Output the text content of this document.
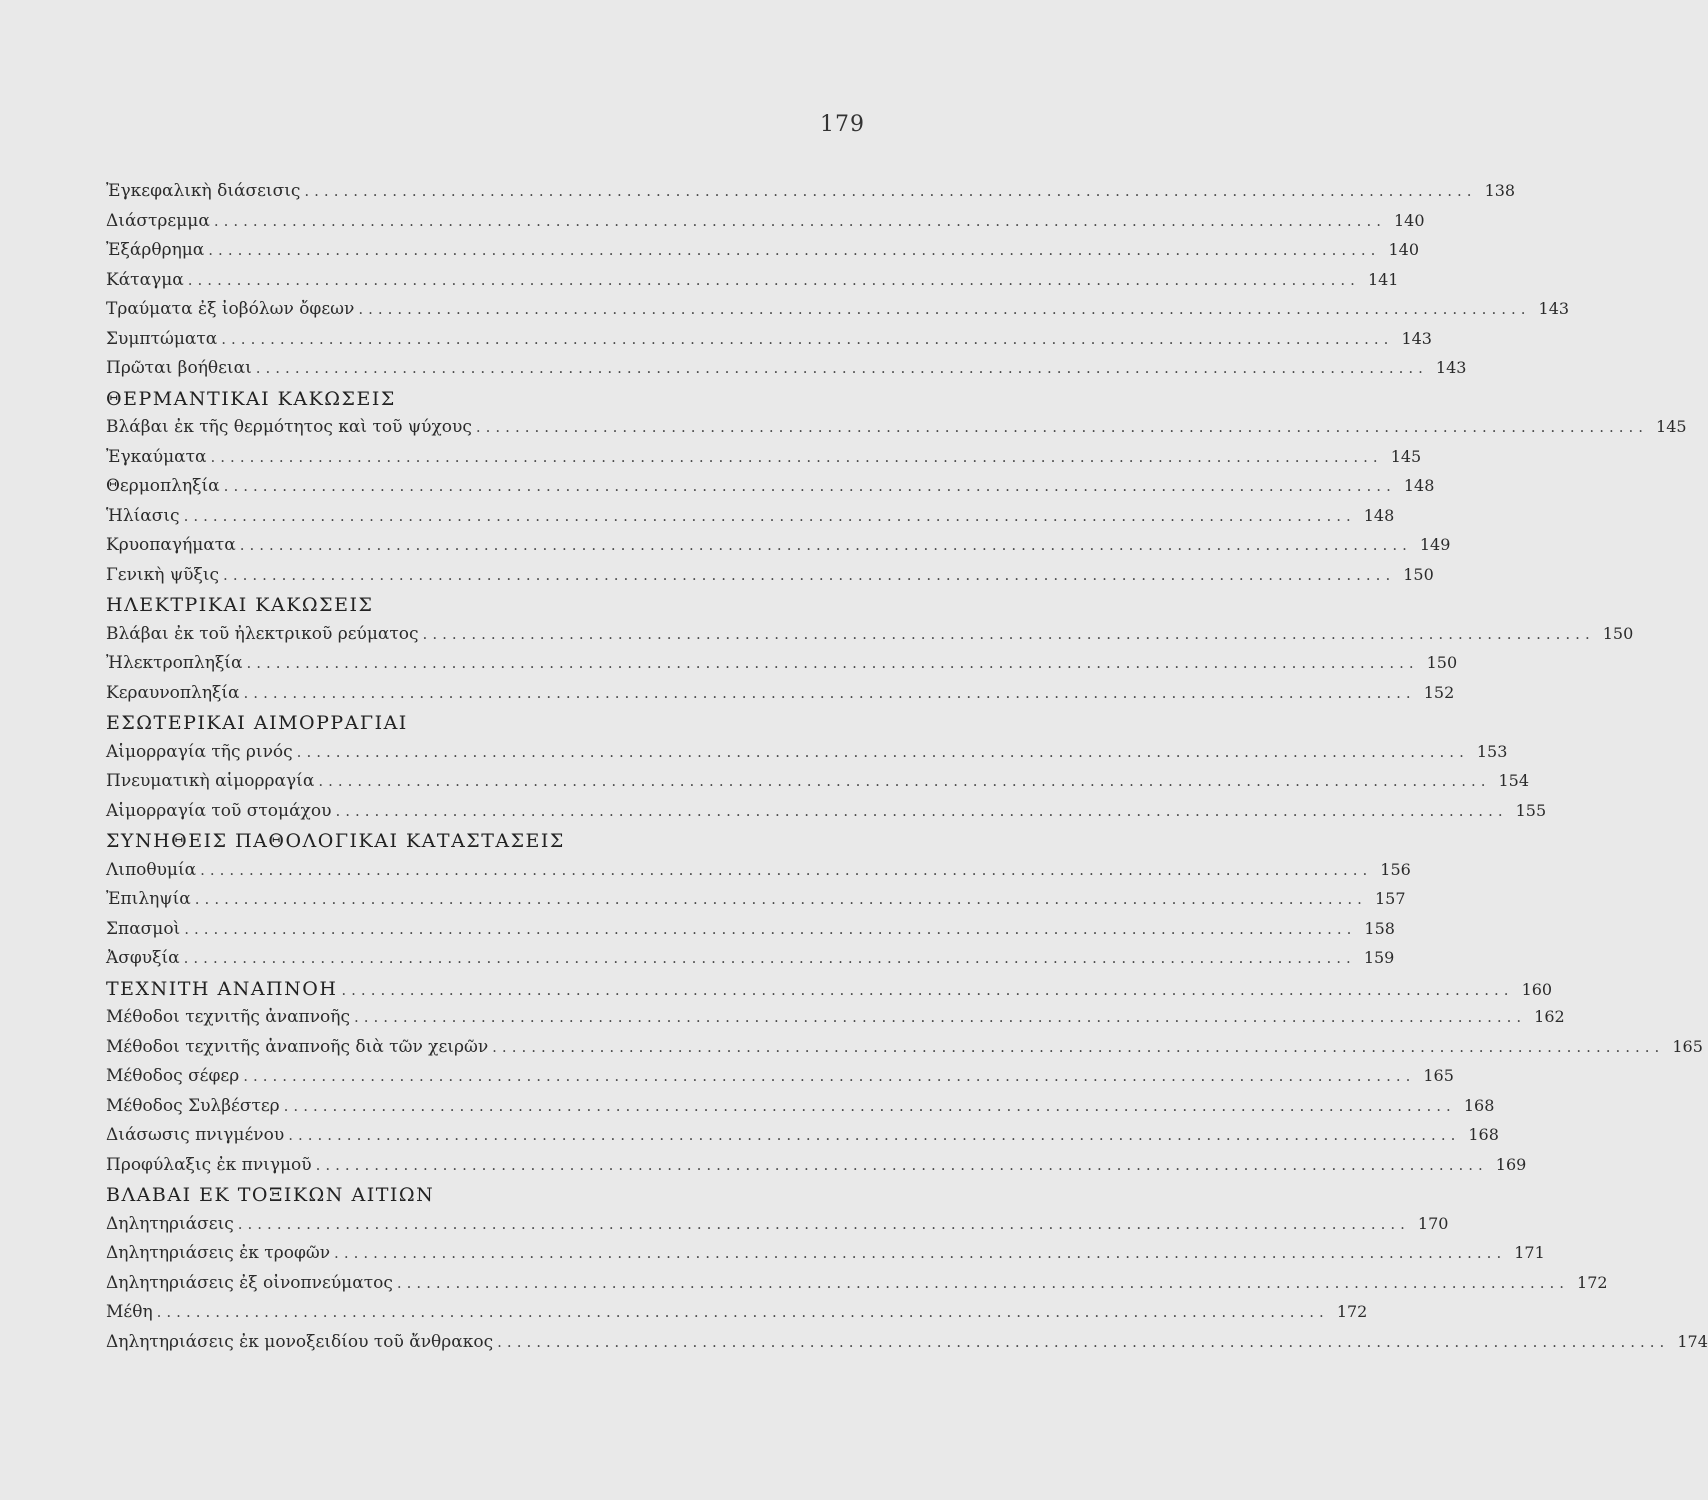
179
Ἐγκεφαλικὴ διάσεισις ........................................................................................................................ 138
Διάστρεμμα ........................................................................................................................ 140
Ἐξάρθρημα ........................................................................................................................ 140
Κάταγμα ........................................................................................................................ 141
Τραύματα ἐξ ἰοβόλων ὄφεων ........................................................................................................................ 143
Συμπτώματα ........................................................................................................................ 143
Πρῶται βοήθειαι ........................................................................................................................ 143
ΘΕΡΜΑΝΤΙΚΑΙ ΚΑΚΩΣΕΙΣ
Βλάβαι ἐκ τῆς θερμότητος καὶ τοῦ ψύχους ........................................................................................................................ 145
Ἐγκαύματα ........................................................................................................................ 145
Θερμοπληξία ........................................................................................................................ 148
Ἡλίασις ........................................................................................................................ 148
Κρυοπαγήματα ........................................................................................................................ 149
Γενικὴ ψῦξις ........................................................................................................................ 150
ΗΛΕΚΤΡΙΚΑΙ ΚΑΚΩΣΕΙΣ
Βλάβαι ἐκ τοῦ ἠλεκτρικοῦ ρεύματος ........................................................................................................................ 150
Ἠλεκτροπληξία ........................................................................................................................ 150
Κεραυνοπληξία ........................................................................................................................ 152
ΕΣΩΤΕΡΙΚΑΙ ΑΙΜΟΡΡΑΓΙΑΙ
Αἱμορραγία τῆς ρινός ........................................................................................................................ 153
Πνευματικὴ αἱμορραγία ........................................................................................................................ 154
Αἱμορραγία τοῦ στομάχου ........................................................................................................................ 155
ΣΥΝΗΘΕΙΣ ΠΑΘΟΛΟΓΙΚΑΙ ΚΑΤΑΣΤΑΣΕΙΣ
Λιποθυμία ........................................................................................................................ 156
Ἐπιληψία ........................................................................................................................ 157
Σπασμοὶ ........................................................................................................................ 158
Ἀσφυξία ........................................................................................................................ 159
ΤΕΧΝΙΤΗ ΑΝΑΠΝΟΗ ........................................................................................................................ 160
Μέθοδοι τεχνιτῆς ἀναπνοῆς ........................................................................................................................ 162
Μέθοδοι τεχνιτῆς ἀναπνοῆς διὰ τῶν χειρῶν ........................................................................................................................ 165
Μέθοδος σέφερ ........................................................................................................................ 165
Μέθοδος Συλβέστερ ........................................................................................................................ 168
Διάσωσις πνιγμένου ........................................................................................................................ 168
Προφύλαξις ἐκ πνιγμοῦ ........................................................................................................................ 169
ΒΛΑΒΑΙ ΕΚ ΤΟΞΙΚΩΝ ΑΙΤΙΩΝ
Δηλητηριάσεις ........................................................................................................................ 170
Δηλητηριάσεις ἐκ τροφῶν ........................................................................................................................ 171
Δηλητηριάσεις ἐξ οἰνοπνεύματος ........................................................................................................................ 172
Μέθη ........................................................................................................................ 172
Δηλητηριάσεις ἐκ μονοξειδίου τοῦ ἄνθρακος ........................................................................................................................ 174
